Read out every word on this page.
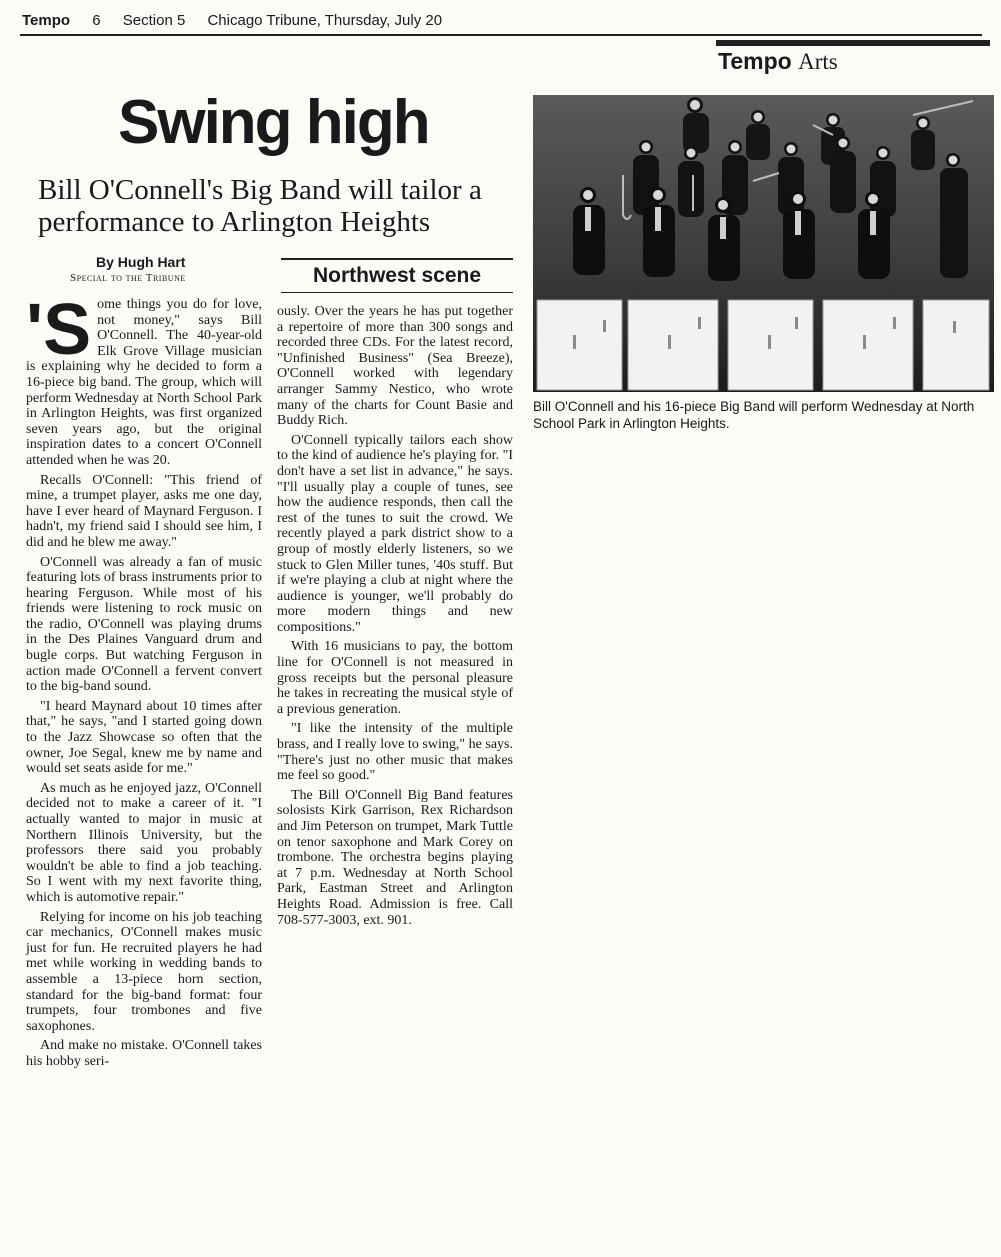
Tempo 6 Section 5 Chicago Tribune, Thursday, July 20
Tempo Arts
Swing high
Bill O'Connell's Big Band will tailor a performance to Arlington Heights
By Hugh Hart
Special to the Tribune	Northwest scene

'Some things you do for love, not money," says Bill O'Connell. The 40-year-old Elk Grove Village musician is explaining why he decided to form a 16-piece big band. The group, which will perform Wednesday at North School Park in Arlington Heights, was first organized seven years ago, but the original inspiration dates to a concert O'Connell attended when he was 20.

Recalls O'Connell: "This friend of mine, a trumpet player, asks me one day, have I ever heard of Maynard Ferguson. I hadn't, my friend said I should see him, I did and he blew me away."

O'Connell was already a fan of music featuring lots of brass instruments prior to hearing Ferguson. While most of his friends were listening to rock music on the radio, O'Connell was playing drums in the Des Plaines Vanguard drum and bugle corps. But watching Ferguson in action made O'Connell a fervent convert to the big-band sound.

"I heard Maynard about 10 times after that," he says, "and I started going down to the Jazz Showcase so often that the owner, Joe Segal, knew me by name and would set seats aside for me."

As much as he enjoyed jazz, O'Connell decided not to make a career of it. "I actually wanted to major in music at Northern Illinois University, but the professors there said you probably wouldn't be able to find a job teaching. So I went with my next favorite thing, which is automotive repair."

Relying for income on his job teaching car mechanics, O'Connell makes music just for fun. He recruited players he had met while working in wedding bands to assemble a 13-piece horn section, standard for the big-band format: four trumpets, four trombones and five saxophones.

And make no mistake. O'Connell takes his hobby seri-

ously. Over the years he has put together a repertoire of more than 300 songs and recorded three CDs. For the latest record, "Unfinished Business" (Sea Breeze), O'Connell worked with legendary arranger Sammy Nestico, who wrote many of the charts for Count Basie and Buddy Rich.

O'Connell typically tailors each show to the kind of audience he's playing for. "I don't have a set list in advance," he says. "I'll usually play a couple of tunes, see how the audience responds, then call the rest of the tunes to suit the crowd. We recently played a park district show to a group of mostly elderly listeners, so we stuck to Glen Miller tunes, '40s stuff. But if we're playing a club at night where the audience is younger, we'll probably do more modern things and new compositions."

With 16 musicians to pay, the bottom line for O'Connell is not measured in gross receipts but the personal pleasure he takes in recreating the musical style of a previous generation.

"I like the intensity of the multiple brass, and I really love to swing," he says. "There's just no other music that makes me feel so good."

The Bill O'Connell Big Band features solosists Kirk Garrison, Rex Richardson and Jim Peterson on trumpet, Mark Tuttle on tenor saxophone and Mark Corey on trombone. The orchestra begins playing at 7 p.m. Wednesday at North School Park, Eastman Street and Arlington Heights Road. Admission is free. Call 708-577-3003, ext. 901.

Bill O'Connell and his 16-piece Big Band will perform Wednesday at North School Park in Arlington Heights.
